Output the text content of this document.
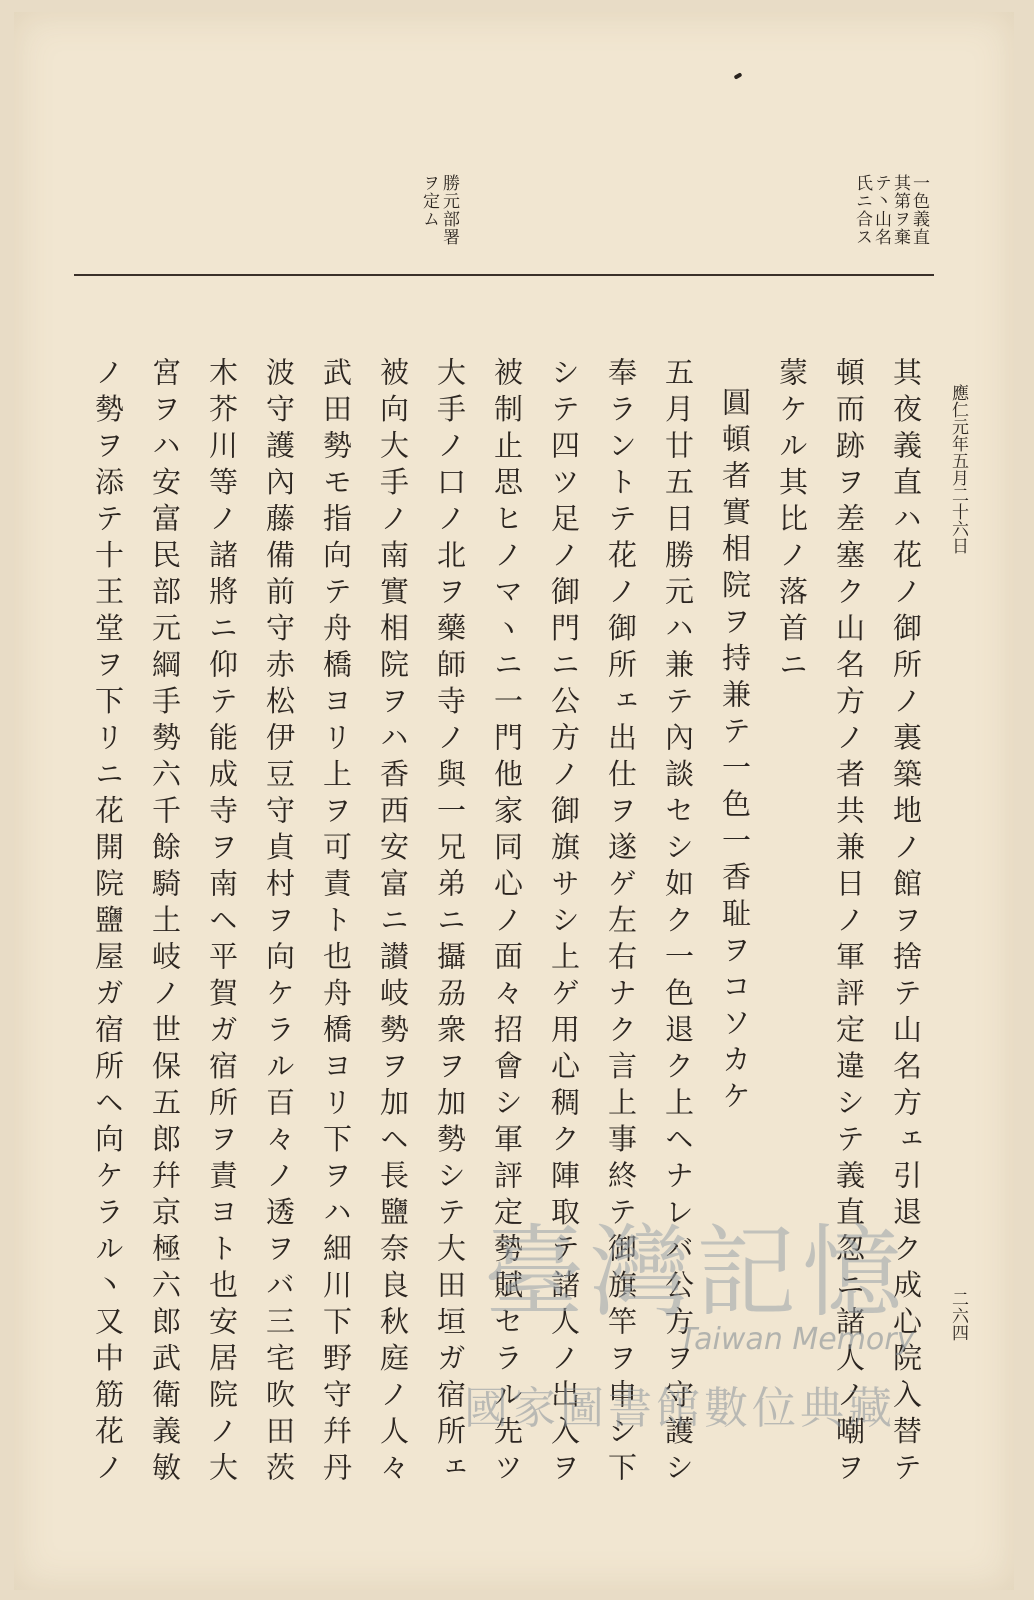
一色義直
其第ヲ棄
テ丶山名
氏ニ合ス
勝元部署
ヲ定ム
應仁元年五月二十六日
二六四
其夜義直ハ花ノ御所ノ裏築地ノ館ヲ捨テ山名方ェ引退ク成心院入替テ
頓而跡ヲ差塞ク山名方ノ者共兼日ノ軍評定違シテ義直忽ニ諸人ノ嘲ヲ
蒙ケル其比ノ落首ニ
圓頓者實相院ヲ持兼テ一色一香耻ヲコソカケ
五月廿五日勝元ハ兼テ內談セシ如ク一色退ク上ヘナレバ公方ヲ守護シ
奉ラントテ花ノ御所ェ出仕ヲ遂ゲ左右ナク言上事終テ御旗竿ヲ申シ下
シテ四ツ足ノ御門ニ公方ノ御旗サシ上ゲ用心稠ク陣取テ諸人ノ出入ヲ
被制止思ヒノマヽニ一門他家同心ノ面々招會シ軍評定勢賦セラル先ツ
大手ノ口ノ北ヲ藥師寺ノ與一兄弟ニ攝刕衆ヲ加勢シテ大田垣ガ宿所ェ
被向大手ノ南實相院ヲハ香西安富ニ讃岐勢ヲ加ヘ長鹽奈良秋庭ノ人々
武田勢モ指向テ舟橋ヨリ上ヲ可責ト也舟橋ヨリ下ヲハ細川下野守幷丹
波守護內藤備前守赤松伊豆守貞村ヲ向ケラル百々ノ透ヲバ三宅吹田茨
木芥川等ノ諸將ニ仰テ能成寺ヲ南ヘ平賀ガ宿所ヲ責ヨト也安居院ノ大
宮ヲハ安富民部元綱手勢六千餘騎土岐ノ世保五郎幷京極六郎武衛義敏
ノ勢ヲ添テ十王堂ヲ下リニ花開院鹽屋ガ宿所ヘ向ケラル丶又中筋花ノ	臺灣記憶
Taiwan Memory
國家圖書館數位典藏
